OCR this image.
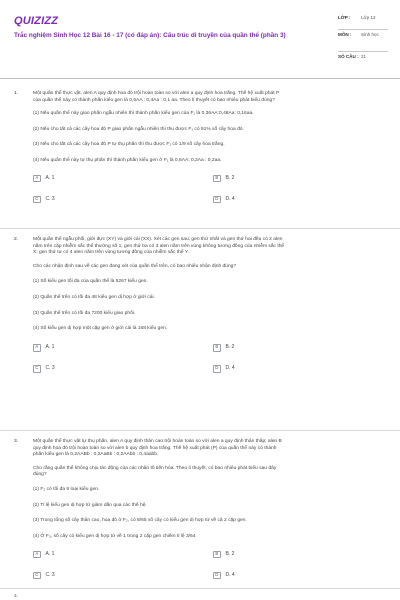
QUIZIZZ
Trắc nghiệm Sinh Học 12 Bài 16 - 17 (có đáp án): Cấu trúc di truyền của quần thể (phần 3)
LỚP :	Lớp 12
MÔN :	Sinh học
SỐ CÂU : 21
1.	Một quần thể thực vật, alen A quy định hoa đỏ trội hoàn toàn so với alen a quy định hoa trắng. Thế hệ xuất phát P
của quần thể này có thành phần kiểu gen là 0,5AA : 0,4Aa : 0,1 aa. Theo lí thuyết có bao nhiêu phát biểu đúng?
(1) Nếu quần thể này giao phấn ngẫu nhiên thì thành phần kiểu gen của F₁ là 0,36AA:0,48Aa: 0,16aa.
(2) Nếu cho tất cả các cây hoa đỏ P giao phấn ngẫu nhiên thì thu được F₁ có 91% số cây hoa đỏ.
(3) Nếu cho tất cả các cây hoa đỏ P tự thụ phấn thì thu được F₁ có 1/9 số cây hoa trắng.
(4) Nếu quần thể này tự thụ phấn thì thành phần kiểu gen ở F₁ là 0,6AA: 0,2Aa : 0,2aa.
A	A. 1	B	B. 2
C	C. 3	D	D. 4
2.	Một quần thể ngẫu phối, giới đực (XY) và giới cái (XX). Xét các gen sau: gen thứ nhất và gen thứ hai đều có 2 alen
nằm trên cặp nhiễm sắc thể thường số 1; gen thứ ba có 3 alen nằm trên vùng không tương đồng của nhiễm sắc thể
X; gen thứ tư có 4 alen nằm trên vùng tương đồng của nhiễm sắc thể Y.
Cho các nhận định sau về các gen đang xét của quần thể trên, có bao nhiêu nhận định đúng?
(1) Số kiểu gen tối đa của quần thể là 5267 kiểu gen.
(2) Quần thể trên có tối đa 48 kiểu gen dị hợp ở giới cái.
(3) Quần thể trên có tối đa 7200 kiểu giao phối.
(4) Số kiểu gen dị hợp một cặp gen ở giới cái là 168 kiểu gen.
A	A. 1	B	B. 2
C	C. 3	D	D. 4
3.	Một quần thể thực vật tự thụ phấn, alen A quy định thân cao trội hoàn toàn so với alen a quy định thân thấp; alen B
quy định hoa đỏ trội hoàn toàn so với alen b quy định hoa trắng. Thế hệ xuất phát (P) của quần thể này có thành
phần kiểu gen là 0,2AABb : 0,2AaBb : 0,2AAbb : 0,4aabb.
Cho rằng quần thể không chịu tác động của các nhân tố tiến hóa. Theo lí thuyết, có bao nhiêu phát biểu sau đây
đúng?
(1) F₂ có tối đa 9 loại kiểu gen.
(2) Tỉ lệ kiểu gen dị hợp tử giảm dần qua các thế hệ.
(3) Trong tổng số cây thân cao, hoa đỏ ở F₂, có 8/65 số cây có kiểu gen dị hợp tử về cả 2 cặp gen.
(4) Ở F₃, số cây có kiểu gen dị hợp tử về 1 trong 2 cặp gen chiếm tỉ lệ 3/64
A	A. 1	B	B. 2
C	C. 3	D	D. 4
4.
